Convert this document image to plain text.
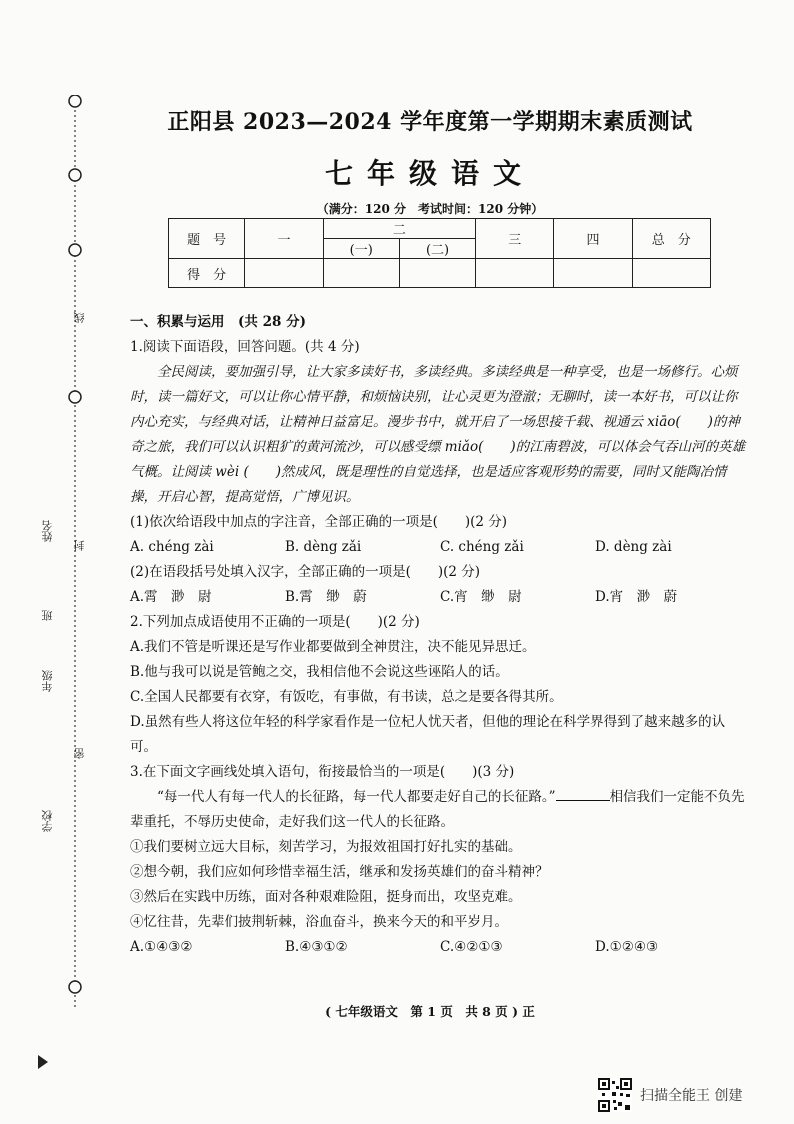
线
封
密
姓名
班
年级
学校
正阳县 2023—2024 学年度第一学期期末素质测试
七年级语文
（满分：120 分　考试时间：120 分钟）
题　号	一	二		三	四	总　分
		(一)	(二)			
得　分						

一、积累与运用　(共 28 分)

1.阅读下面语段，回答问题。(共 4 分)

全民阅读，要加强引导，让大家多读好书，多读经典。多读经典是一种享受，也是一场修行。心烦时，读一篇好文，可以让你心情平静，和烦恼诀别，让心灵更为澄澈；无聊时，读一本好书，可以让你内心充实，与经典对话，让精神日益富足。漫步书中，就开启了一场思接千载、视通云 xiāo(　　)的神奇之旅，我们可以认识粗犷的黄河流沙，可以感受缥 miǎo(　　)的江南碧波，可以体会气吞山河的英雄气概。让阅读 wèi (　　)然成风，既是理性的自觉选择，也是适应客观形势的需要，同时又能陶冶情操，开启心智，提高觉悟，广博见识。

(1)依次给语段中加点的字注音，全部正确的一项是(　　)(2 分)

A. chéng zài	B. dèng zǎi	C. chéng zǎi	D. dèng zài

(2)在语段括号处填入汉字，全部正确的一项是(　　)(2 分)

A.霄　渺　尉	B.霄　缈　蔚	C.宵　缈　尉	D.宵　渺　蔚

2.下列加点成语使用不正确的一项是(　　)(2 分)

A.我们不管是听课还是写作业都要做到全神贯注，决不能见异思迁。

B.他与我可以说是管鲍之交，我相信他不会说这些诬陷人的话。

C.全国人民都要有衣穿，有饭吃，有事做，有书读，总之是要各得其所。

D.虽然有些人将这位年轻的科学家看作是一位杞人忧天者，但他的理论在科学界得到了越来越多的认可。

3.在下面文字画线处填入语句，衔接最恰当的一项是(　　)(3 分)

“每一代人有每一代人的长征路，每一代人都要走好自己的长征路。”	相信我们一定能不负先辈重托，不辱历史使命，走好我们这一代人的长征路。

①我们要树立远大目标，刻苦学习，为报效祖国打好扎实的基础。

②想今朝，我们应如何珍惜幸福生活，继承和发扬英雄们的奋斗精神？

③然后在实践中历练，面对各种艰难险阻，挺身而出，攻坚克难。

④忆往昔，先辈们披荆斩棘，浴血奋斗，换来今天的和平岁月。

A.①④③②	B.④③①②	C.④②①③	D.①②④③
( 七年级语文　第 1 页　共 8 页 ) 正
扫描全能王 创建
